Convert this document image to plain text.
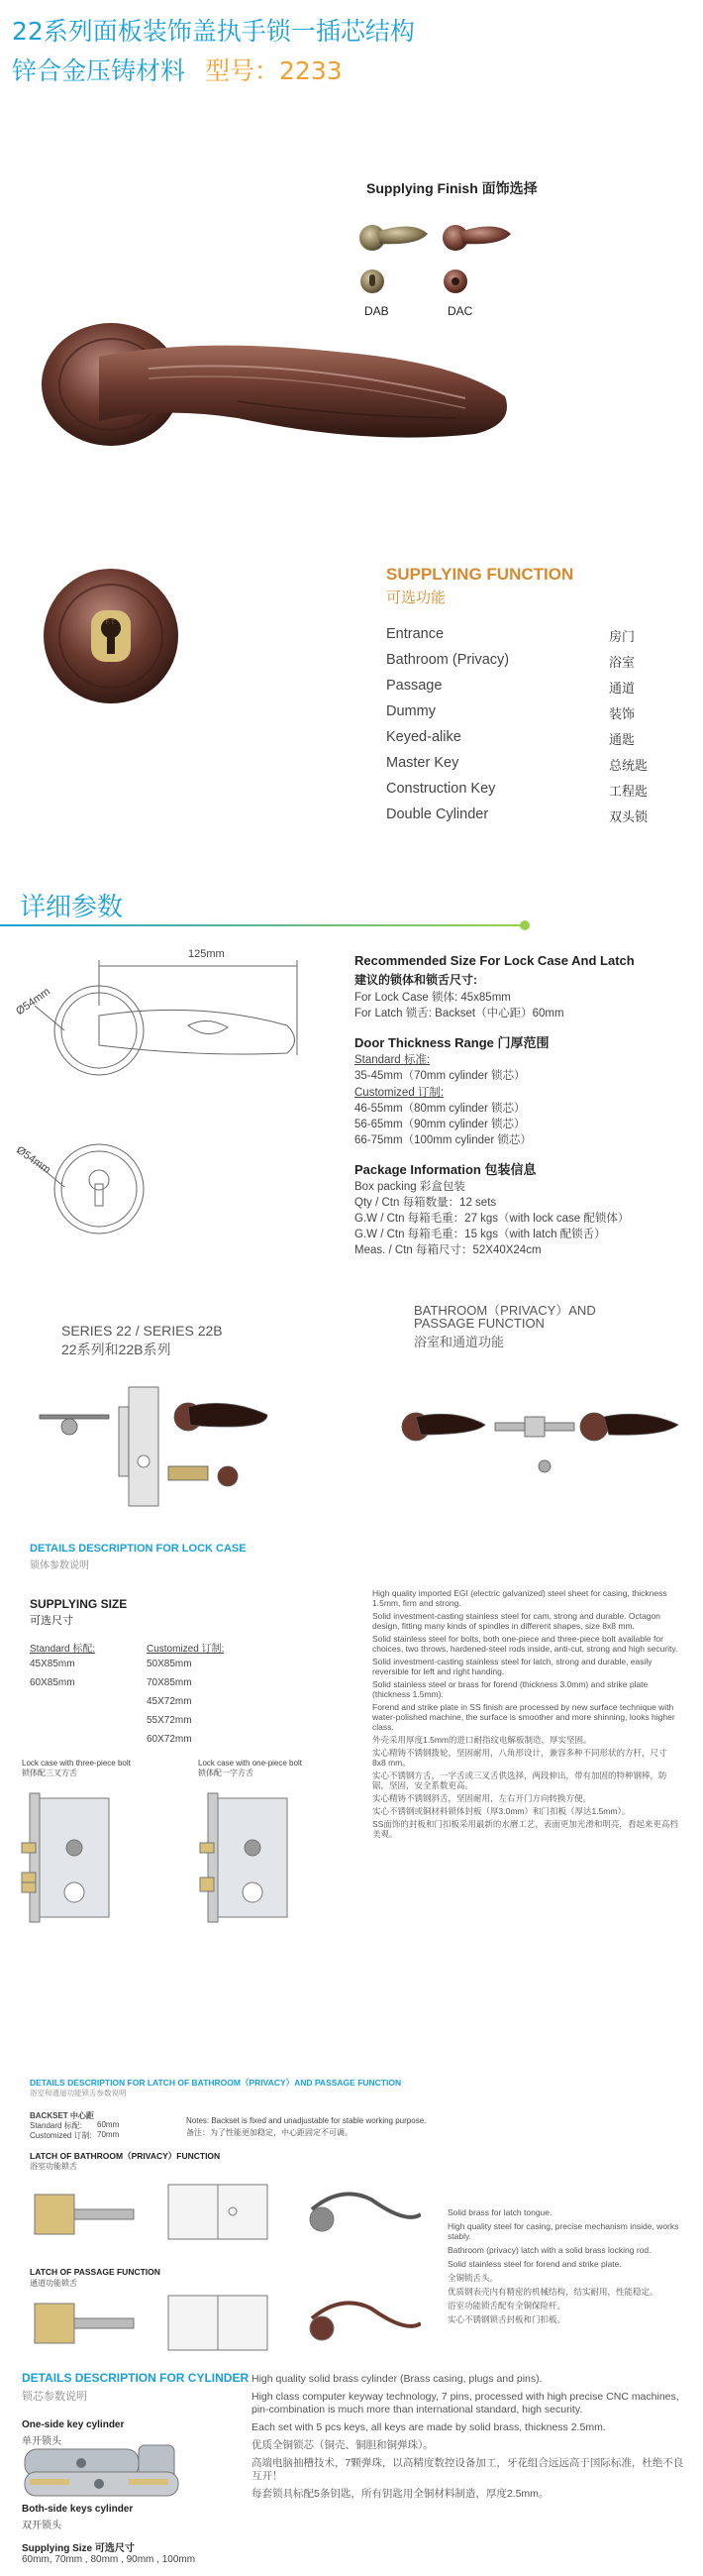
22系列面板装饰盖执手锁一插芯结构
锌合金压铸材料 型号：2233
Supplying Finish 面饰选择
DAB	DAC
F.T.
SUPPLYING FUNCTION
可选功能
Entrance	房门
Bathroom (Privacy)	浴室
Passage	通道
Dummy	装饰
Keyed-alike	通匙
Master Key	总统匙
Construction Key	工程匙
Double Cylinder	双头锁
详细参数
125mm
Ø54mm
Ø54mm
Recommended Size For Lock Case And Latch
建议的锁体和锁舌尺寸:
For Lock Case 锁体: 45x85mm
For Latch 锁舌: Backset（中心距）60mm
Door Thickness Range 门厚范围
Standard 标准:
35-45mm（70mm cylinder 锁芯）
Customized 订制:
46-55mm（80mm cylinder 锁芯）
56-65mm（90mm cylinder 锁芯）
66-75mm（100mm cylinder 锁芯）
Package Information 包装信息
Box packing 彩盒包装
Qty / Ctn 每箱数量：12 sets
G.W / Ctn 每箱毛重：27 kgs（with lock case 配锁体）
G.W / Ctn 每箱毛重：15 kgs（with latch 配锁舌）
Meas. / Ctn 每箱尺寸：52X40X24cm
SERIES 22 / SERIES 22B
22系列和22B系列
BATHROOM（PRIVACY）AND
PASSAGE FUNCTION
浴室和通道功能
DETAILS DESCRIPTION FOR LOCK CASE
锁体参数说明
SUPPLYING SIZE
可选尺寸
Standard 标配:
45X85mm
60X85mm
Customized 订制:
50X85mm
70X85mm
45X72mm
55X72mm
60X72mm
Lock case with three-piece bolt
锁体配三叉方舌
Lock case with one-piece bolt
锁体配一字方舌
High quality imported EGI (electric galvanized) steel sheet for casing, thickness 1.5mm, firm and strong.
Solid investment-casting stainless steel for cam, strong and durable. Octagon design, fitting many kinds of spindles in different shapes, size 8x8 mm.
Solid stainless steel for bolts, both one-piece and three-piece bolt available for choices, two throws, hardened-steel rods inside, anti-cut, strong and high security.
Solid investment-casting stainless steel for latch, strong and durable, easily reversible for left and right handing.
Solid stainless steel or brass for forend (thickness 3.0mm) and strike plate (thickness 1.5mm).
Forend and strike plate in SS finish are processed by new surface technique with water-polished machine, the surface is smoother and more shinning, looks higher class.
外壳采用厚度1.5mm的进口耐指纹电解板制造，厚实坚固。
实心精铸不锈钢拨轮，坚固耐用，八角形设计，兼容多种不同形状的方杆，尺寸8x8 mm。
实心不锈钢方舌，一字舌或三叉舌供选择，两段伸出，带有加固的特种钢棒，防锯，坚固，安全系数更高。
实心精铸不锈钢斜舌，坚固耐用，左右开门方向转换方便。
实心不锈钢或铜材料锁体封板（厚3.0mm）和门扣板（厚达1.5mm）。
SS面饰的封板和门扣板采用最新的水磨工艺，表面更加光滑和明亮，看起来更高档美观。
DETAILS DESCRIPTION FOR LATCH OF BATHROOM（PRIVACY）AND PASSAGE FUNCTION
浴室和通道功能锁舌参数说明
BACKSET 中心距
Standard 标配: 60mm
Customized 订制: 70mm
Notes: Backset is fixed and unadjustable for stable working purpose.
备注：为了性能更加稳定，中心距固定不可调。
LATCH OF BATHROOM（PRIVACY）FUNCTION
浴室功能锁舌
LATCH OF PASSAGE FUNCTION
通道功能锁舌
Solid brass for latch tongue.
High quality steel for casing, precise mechanism inside, works stably.
Bathroom (privacy) latch with a solid brass locking rod.
Solid stainless steel for forend and strike plate.
全铜锁舌头。
优质钢表壳内有精密的机械结构，结实耐用，性能稳定。
浴室功能锁舌配有全铜保险杆。
实心不锈钢锁舌封板和门扣板。
DETAILS DESCRIPTION FOR CYLINDER
锁芯参数说明
One-side key cylinder
单开锁头
Both-side keys cylinder
双开锁头
Supplying Size 可选尺寸
60mm, 70mm , 80mm , 90mm , 100mm
High quality solid brass cylinder (Brass casing, plugs and pins).
High class computer keyway technology, 7 pins, processed with high precise CNC machines, pin-combination is much more than international standard, high security.
Each set with 5 pcs keys, all keys are made by solid brass, thickness 2.5mm.
优质全铜锁芯（铜壳、铜胆和铜弹珠）。
高端电脑抽槽技术，7颗弹珠，以高精度数控设备加工，牙花组合远远高于国际标准，杜绝不良互开！
每套锁具标配5条钥匙，所有钥匙用全铜材料制造，厚度2.5mm。
